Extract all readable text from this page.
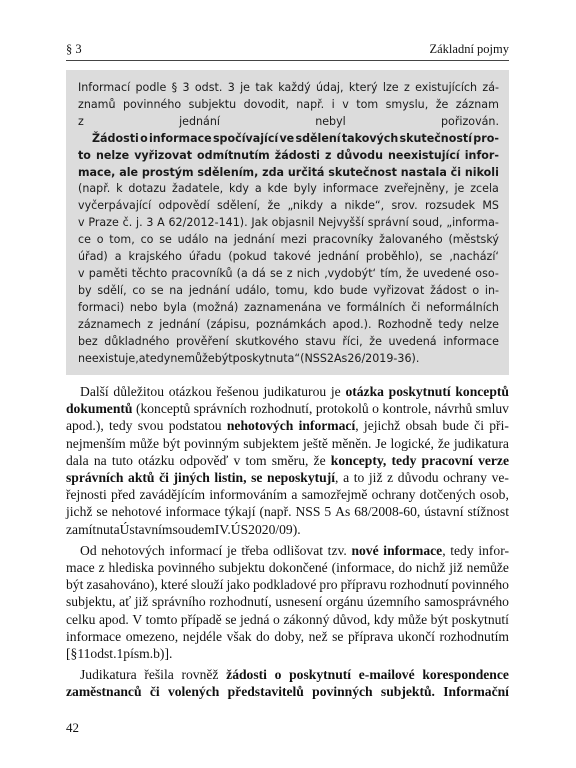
§ 3	Základní pojmy
Informací podle § 3 odst. 3 je tak každý údaj, který lze z existujících zá-
znamů povinného subjektu dovodit, např. i v tom smyslu, že záznam
z	jednání	nebyl	pořizován.
Žádosti o informace spočívající ve sdělení takových skutečností pro-
to nelze vyřizovat odmítnutím žádosti z důvodu neexistující infor-
mace, ale prostým sdělením, zda určitá skutečnost nastala či nikoli
(např. k dotazu žadatele, kdy a kde byly informace zveřejněny, je zcela
vyčerpávající odpovědí sdělení, že „nikdy a nikde“, srov. rozsudek MS
v Praze č. j. 3 A 62/2012-141). Jak objasnil Nejvyšší správní soud, „informa-
ce o tom, co se událo na jednání mezi pracovníky žalovaného (městský
úřad) a krajského úřadu (pokud takové jednání proběhlo), se ‚nachází‘
v paměti těchto pracovníků (a dá se z nich ‚vydobýt‘ tím, že uvedené oso-
by sdělí, co se na jednání událo, tomu, kdo bude vyřizovat žádost o in-
formaci) nebo byla (možná) zaznamenána ve formálních či neformálních
záznamech z jednání (zápisu, poznámkách apod.). Rozhodně tedy nelze
bez důkladného prověření skutkového stavu říci, že uvedená informace
neexistuje, a tedy nemůže být poskytnuta“ (NSS 2 As 26/2019-36).
Další důležitou otázkou řešenou judikaturou je otázka poskytnutí konceptů
dokumentů (konceptů správních rozhodnutí, protokolů o kontrole, návrhů smluv
apod.), tedy svou podstatou nehotových informací, jejichž obsah bude či při-
nejmenším může být povinným subjektem ještě měněn. Je logické, že judikatura
dala na tuto otázku odpověď v tom směru, že koncepty, tedy pracovní verze
správních aktů či jiných listin, se neposkytují, a to již z důvodu ochrany ve-
řejnosti před zavádějícím informováním a samozřejmě ochrany dotčených osob,
jichž se nehotové informace týkají (např. NSS 5 As 68/2008-60, ústavní stížnost
zamítnuta Ústavním soudem IV. ÚS 2020/09).
Od nehotových informací je třeba odlišovat tzv. nové informace, tedy infor-
mace z hlediska povinného subjektu dokončené (informace, do nichž již nemůže
být zasahováno), které slouží jako podkladové pro přípravu rozhodnutí povinného
subjektu, ať již správního rozhodnutí, usnesení orgánu územního samosprávného
celku apod. V tomto případě se jedná o zákonný důvod, kdy může být poskytnutí
informace omezeno, nejdéle však do doby, než se příprava ukončí rozhodnutím
[§ 11 odst. 1 písm. b)].
Judikatura řešila rovněž žádosti o poskytnutí e-mailové korespondence
zaměstnanců či volených představitelů povinných subjektů. Informační
42
